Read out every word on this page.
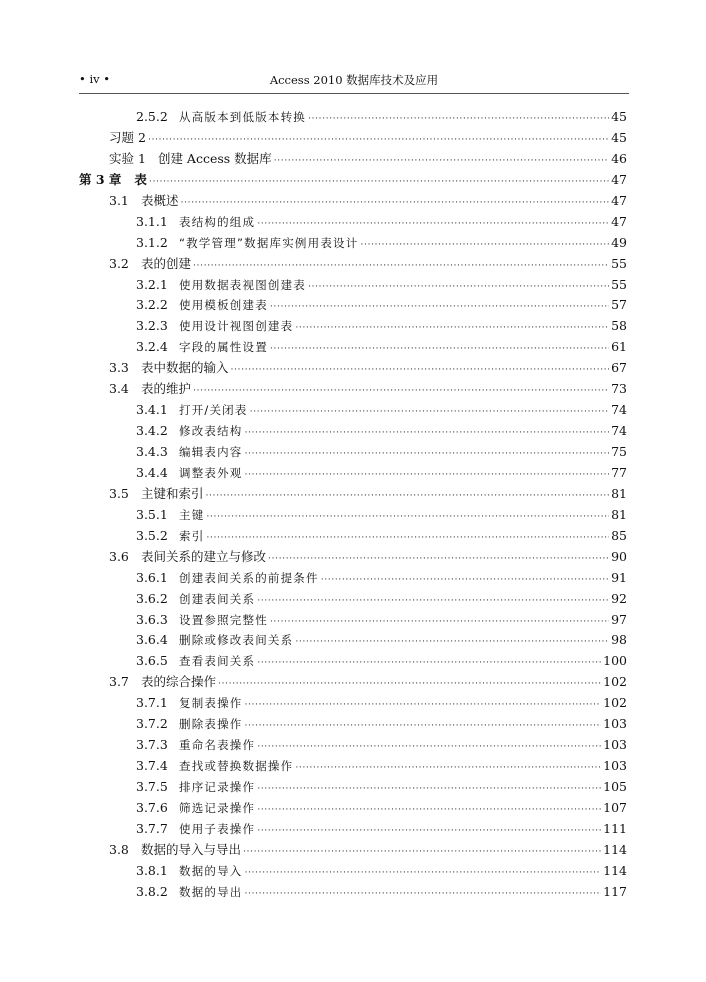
• iv •	Access 2010 数据库技术及应用
2.5.2 从高版本到低版本转换 ·····	45
习题 2 ·····	45
实验 1 创建 Access 数据库 ·····	46
第 3 章 表 ·····	47
3.1 表概述 ·····	47
3.1.1 表结构的组成 ·····	47
3.1.2 “教学管理”数据库实例用表设计 ·····	49
3.2 表的创建 ·····	55
3.2.1 使用数据表视图创建表 ·····	55
3.2.2 使用模板创建表 ·····	57
3.2.3 使用设计视图创建表 ·····	58
3.2.4 字段的属性设置 ·····	61
3.3 表中数据的输入 ·····	67
3.4 表的维护 ·····	73
3.4.1 打开/关闭表 ·····	74
3.4.2 修改表结构 ·····	74
3.4.3 编辑表内容 ·····	75
3.4.4 调整表外观 ·····	77
3.5 主键和索引 ·····	81
3.5.1 主键 ·····	81
3.5.2 索引 ·····	85
3.6 表间关系的建立与修改 ·····	90
3.6.1 创建表间关系的前提条件 ·····	91
3.6.2 创建表间关系 ·····	92
3.6.3 设置参照完整性 ·····	97
3.6.4 删除或修改表间关系 ·····	98
3.6.5 查看表间关系 ·····	100
3.7 表的综合操作 ·····	102
3.7.1 复制表操作 ·····	102
3.7.2 删除表操作 ·····	103
3.7.3 重命名表操作 ·····	103
3.7.4 查找或替换数据操作 ·····	103
3.7.5 排序记录操作 ·····	105
3.7.6 筛选记录操作 ·····	107
3.7.7 使用子表操作 ·····	111
3.8 数据的导入与导出 ·····	114
3.8.1 数据的导入 ·····	114
3.8.2 数据的导出 ·····	117
